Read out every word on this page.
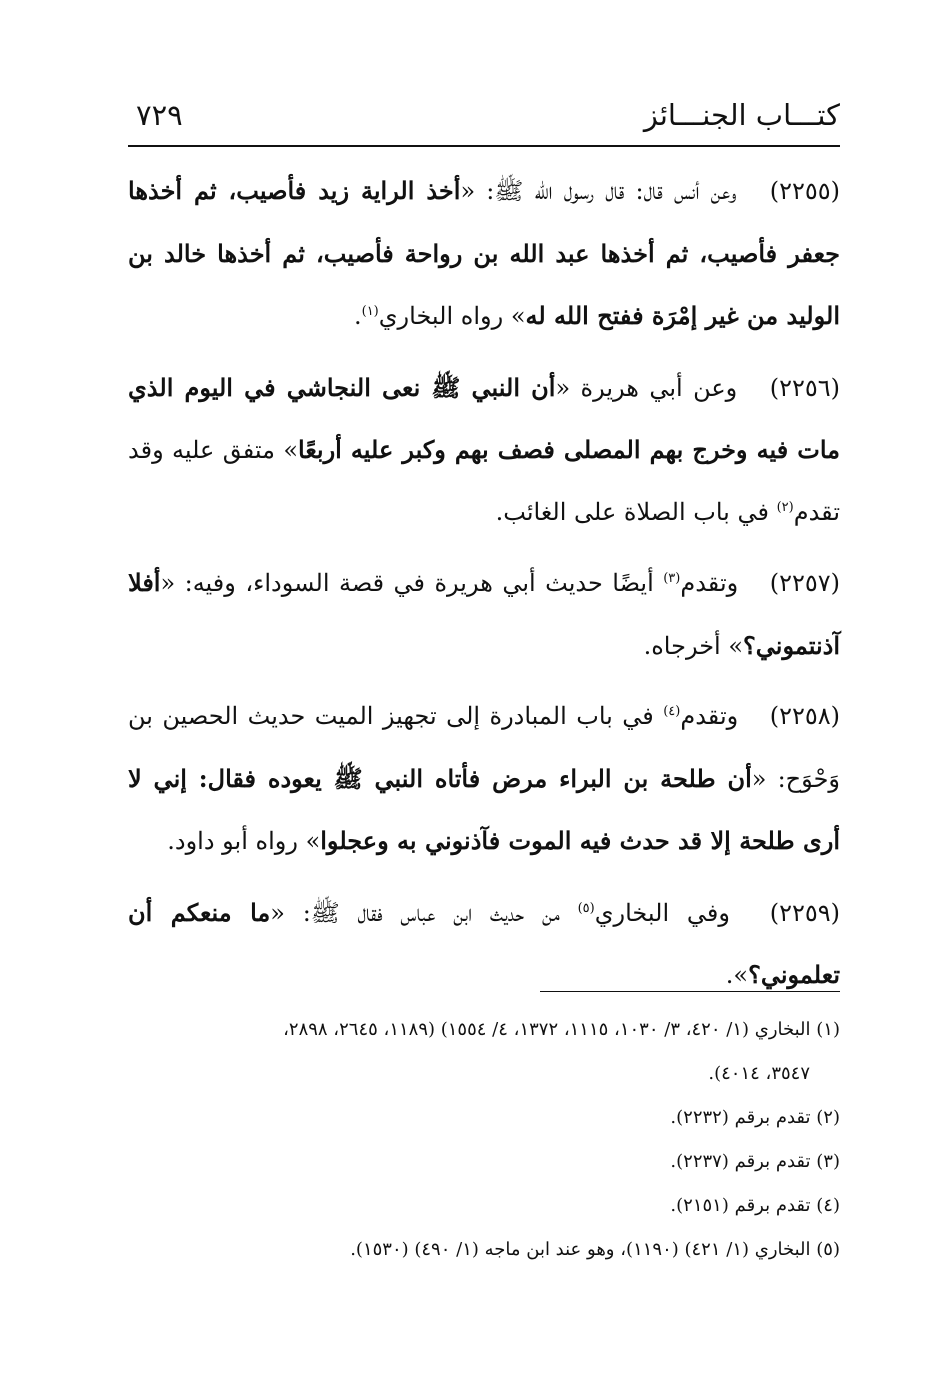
كتـــاب الجنـــائز
٧٢٩

(٢٢٥٥) وعن أنس قال: قال رسول الله ﷺ: «أخذ الراية زيد فأصيب، ثم أخذها جعفر فأصيب، ثم أخذها عبد الله بن رواحة فأصيب، ثم أخذها خالد بن الوليد من غير إمْرَة ففتح الله له» رواه البخاري$^{(١)}$.

(٢٢٥٦) وعن أبي هريرة «أن النبي ﷺ نعى النجاشي في اليوم الذي مات فيه وخرج بهم المصلى فصف بهم وكبر عليه أربعًا» متفق عليه وقد تقدم$^{(٢)}$ في باب الصلاة على الغائب.

(٢٢٥٧) وتقدم$^{(٣)}$ أيضًا حديث أبي هريرة في قصة السوداء، وفيه: «أفلا آذنتموني؟» أخرجاه.

(٢٢٥٨) وتقدم$^{(٤)}$ في باب المبادرة إلى تجهيز الميت حديث الحصين بن وَحْوَح: «أن طلحة بن البراء مرض فأتاه النبي ﷺ يعوده فقال: إني لا أرى طلحة إلا قد حدث فيه الموت فآذنوني به وعجلوا» رواه أبو داود.

(٢٢٥٩) وفي البخاري$^{(٥)}$ من حديث ابن عباس فقال ﷺ: «ما منعكم أن تعلموني؟».

(١) البخاري (١/ ٤٢٠، ٣/ ١٠٣٠، ١١١٥، ١٣٧٢، ٤/ ١٥٥٤) (١١٨٩، ٢٦٤٥، ٢٨٩٨،
٣٥٤٧، ٤٠١٤).

(٢) تقدم برقم (٢٢٣٢).

(٣) تقدم برقم (٢٢٣٧).

(٤) تقدم برقم (٢١٥١).

(٥) البخاري (١/ ٤٢١) (١١٩٠)، وهو عند ابن ماجه (١/ ٤٩٠) (١٥٣٠).
